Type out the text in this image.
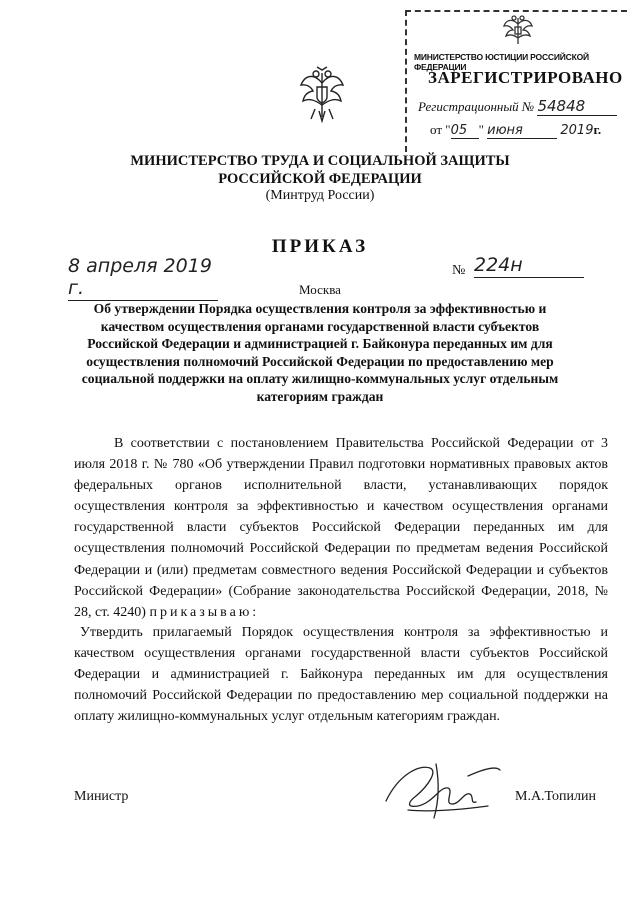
МИНИСТЕРСТВО ЮСТИЦИИ РОССИЙСКОЙ ФЕДЕРАЦИИ
ЗАРЕГИСТРИРОВАНО
Регистрационный № 54848
от "05 " июня	2019г.
МИНИСТЕРСТВО ТРУДА И СОЦИАЛЬНОЙ ЗАЩИТЫ
РОССИЙСКОЙ ФЕДЕРАЦИИ
(Минтруд России)
ПРИКАЗ
8 апреля 2019 г.
№ 224н
Москва
Об утверждении Порядка осуществления контроля за эффективностью и качеством осуществления органами государственной власти субъектов Российской Федерации и администрацией г. Байконура переданных им для осуществления полномочий Российской Федерации по предоставлению мер социальной поддержки на оплату жилищно-коммунальных услуг отдельным категориям граждан
В соответствии с постановлением Правительства Российской Федерации от 3 июля 2018 г. № 780 «Об утверждении Правил подготовки нормативных правовых актов федеральных органов исполнительной власти, устанавливающих порядок осуществления контроля за эффективностью и качеством осуществления органами государственной власти субъектов Российской Федерации переданных им для осуществления полномочий Российской Федерации по предметам ведения Российской Федерации и (или) предметам совместного ведения Российской Федерации и субъектов Российской Федерации» (Собрание законодательства Российской Федерации, 2018, № 28, ст. 4240) приказываю:
Утвердить прилагаемый Порядок осуществления контроля за эффективностью и качеством осуществления органами государственной власти субъектов Российской Федерации и администрацией г. Байконура переданных им для осуществления полномочий Российской Федерации по предоставлению мер социальной поддержки на оплату жилищно-коммунальных услуг отдельным категориям граждан.
Министр	М.А.Топилин
